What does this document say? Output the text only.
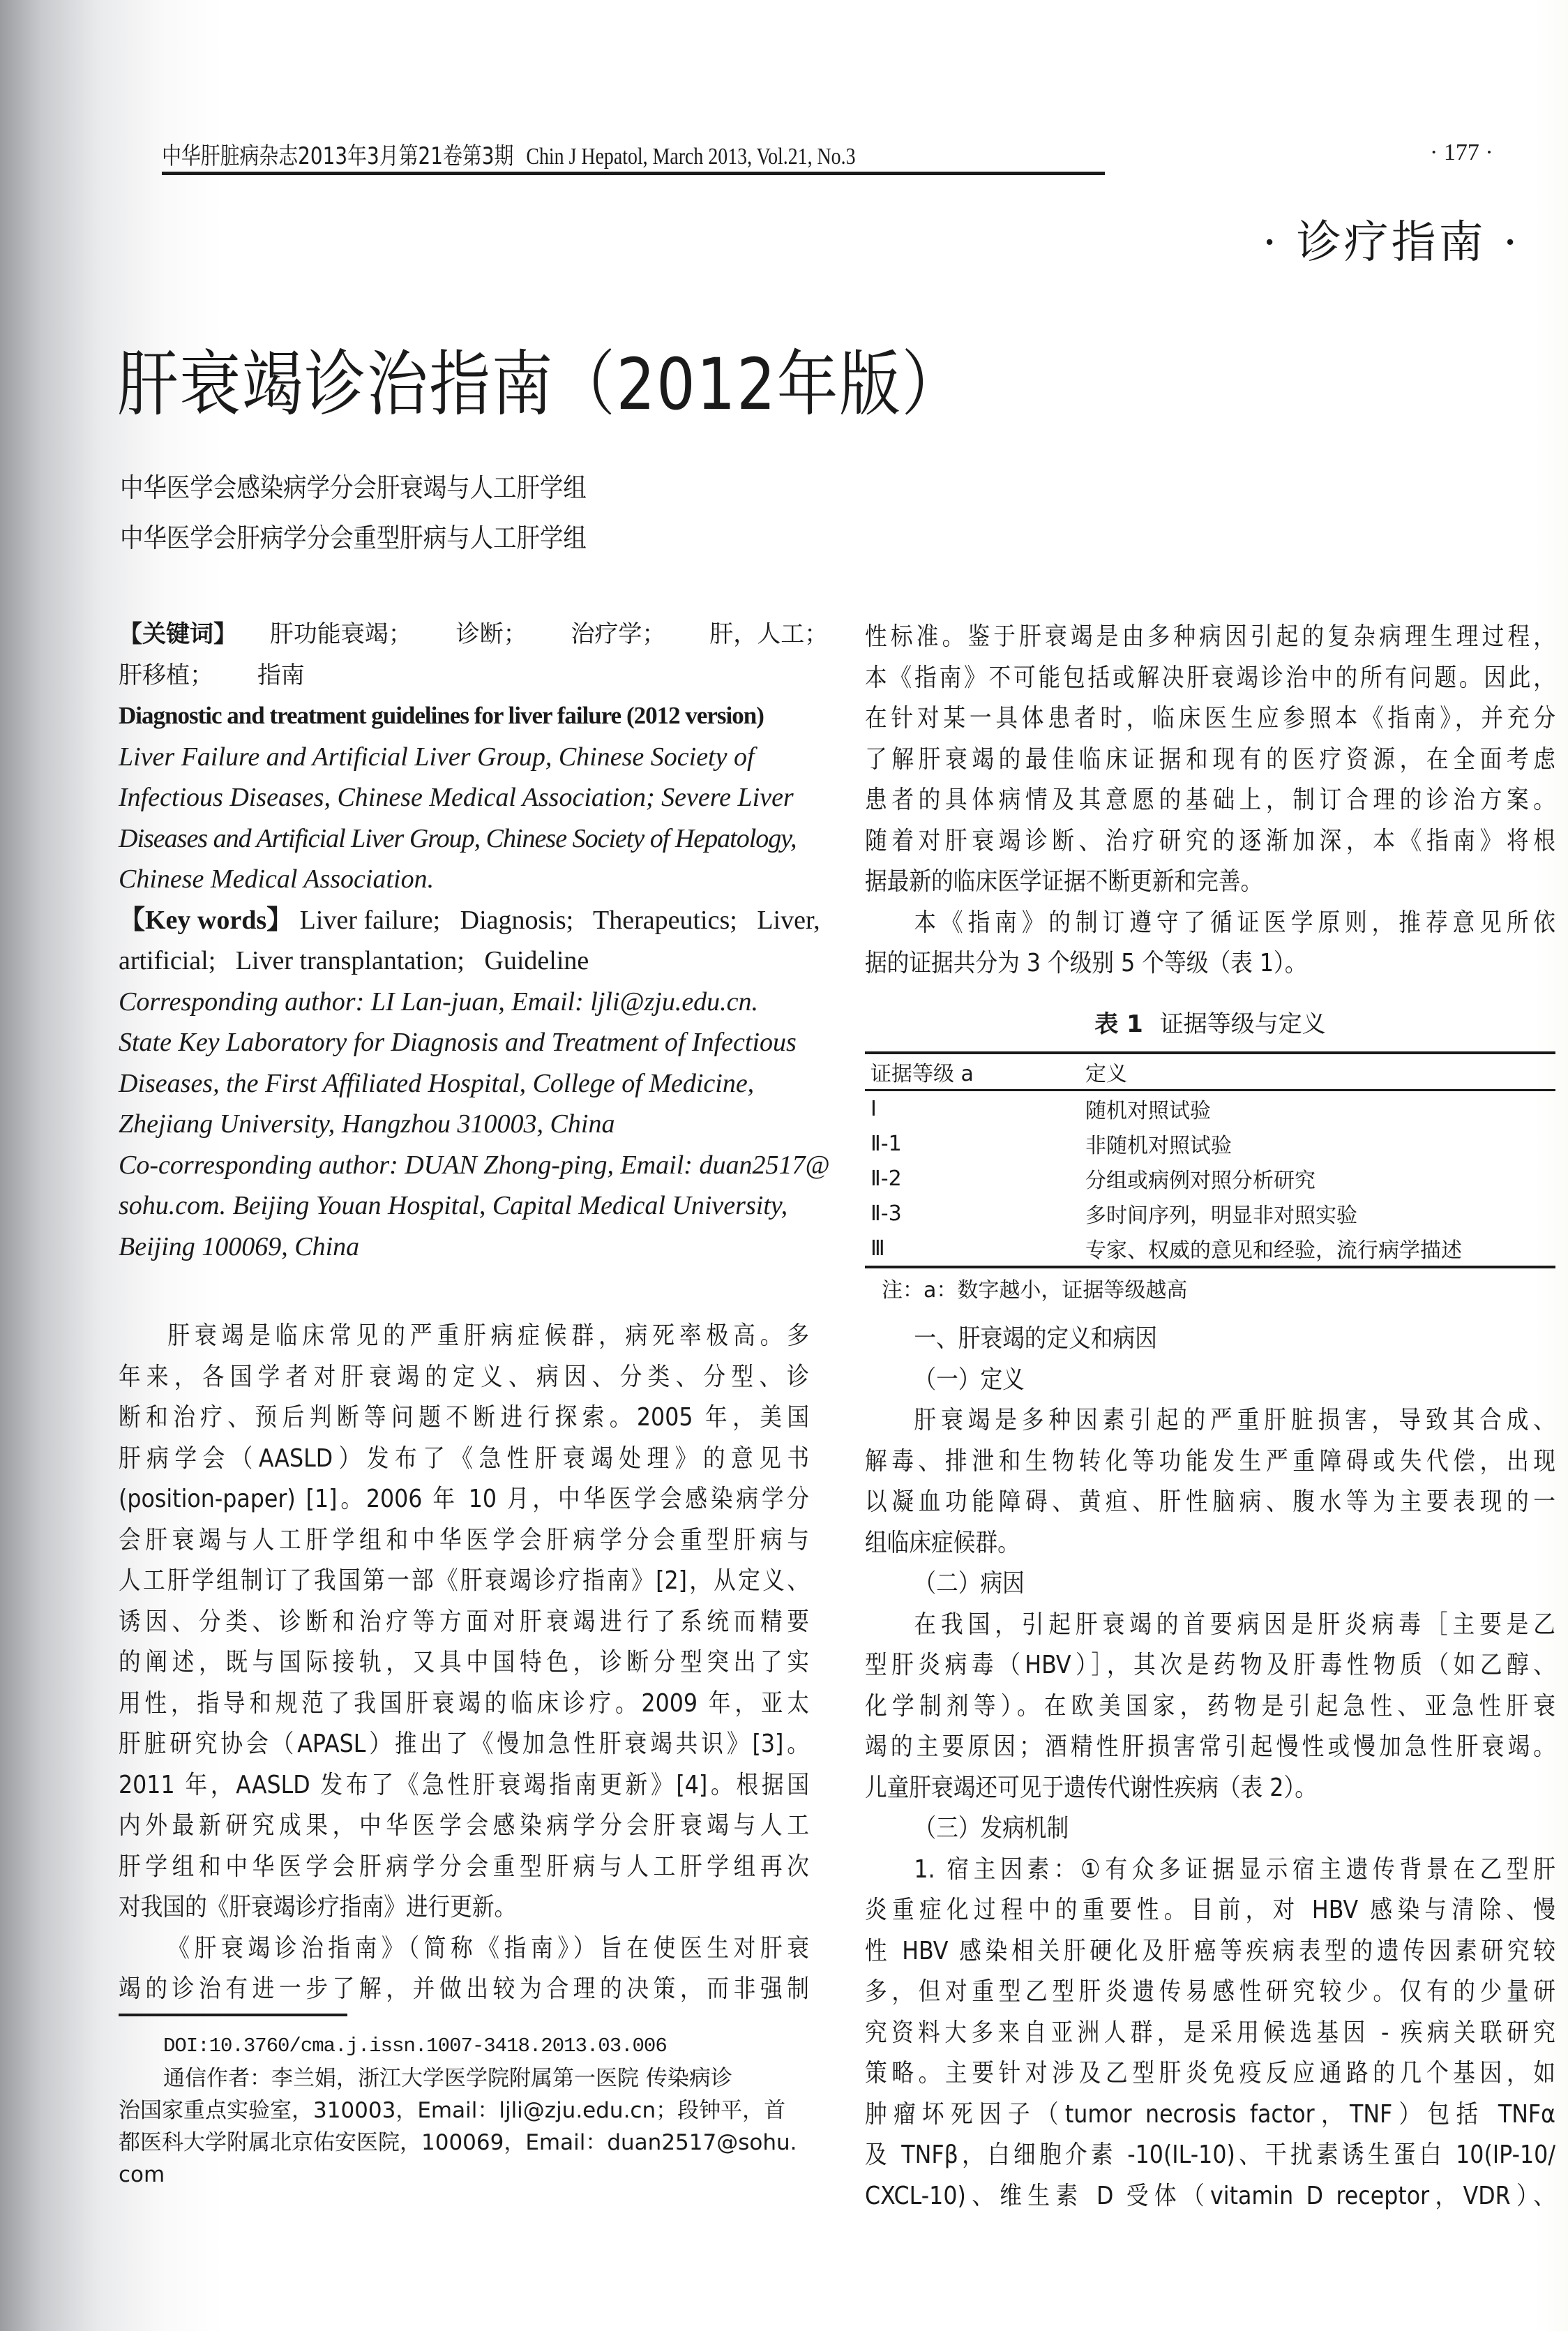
中华肝脏病杂志2013年3月第21卷第3期 Chin J Hepatol, March 2013, Vol.21, No.3	· 177 ·
· 诊疗指南 ·
肝衰竭诊治指南（2012年版）
中华医学会感染病学分会肝衰竭与人工肝学组
中华医学会肝病学分会重型肝病与人工肝学组
【关键词】 肝功能衰竭； 诊断； 治疗学； 肝，人工；
肝移植； 指南
Diagnostic and treatment guidelines for liver failure (2012 version)
Liver Failure and Artificial Liver Group, Chinese Society of
Infectious Diseases, Chinese Medical Association; Severe Liver
Diseases and Artificial Liver Group, Chinese Society of Hepatology,
Chinese Medical Association.
【Key words】 Liver failure;   Diagnosis;   Therapeutics;   Liver,
artificial;   Liver transplantation;   Guideline
Corresponding author: LI Lan-juan, Email: ljli@zju.edu.cn.
State Key Laboratory for Diagnosis and Treatment of Infectious
Diseases, the First Affiliated Hospital, College of Medicine,
Zhejiang University, Hangzhou 310003, China
Co-corresponding author: DUAN Zhong-ping, Email: duan2517@
sohu.com. Beijing Youan Hospital, Capital Medical University,
Beijing 100069, China
肝衰竭是临床常见的严重肝病症候群，病死率极高。多
年来，各国学者对肝衰竭的定义、病因、分类、分型、诊
断和治疗、预后判断等问题不断进行探索。2005 年，美国
肝病学会（AASLD）发布了《急性肝衰竭处理》的意见书
(position-paper) [1]。2006 年 10 月，中华医学会感染病学分
会肝衰竭与人工肝学组和中华医学会肝病学分会重型肝病与
人工肝学组制订了我国第一部《肝衰竭诊疗指南》[2]，从定义、
诱因、分类、诊断和治疗等方面对肝衰竭进行了系统而精要
的阐述，既与国际接轨，又具中国特色，诊断分型突出了实
用性，指导和规范了我国肝衰竭的临床诊疗。2009 年，亚太
肝脏研究协会（APASL）推出了《慢加急性肝衰竭共识》[3]。
2011 年，AASLD 发布了《急性肝衰竭指南更新》[4]。根据国
内外最新研究成果，中华医学会感染病学分会肝衰竭与人工
肝学组和中华医学会肝病学分会重型肝病与人工肝学组再次
对我国的《肝衰竭诊疗指南》进行更新。
《肝衰竭诊治指南》（简称《指南》）旨在使医生对肝衰
竭的诊治有进一步了解，并做出较为合理的决策，而非强制
DOI:10.3760/cma.j.issn.1007-3418.2013.03.006
通信作者：李兰娟，浙江大学医学院附属第一医院 传染病诊
治国家重点实验室，310003，Email：ljli@zju.edu.cn；段钟平，首
都医科大学附属北京佑安医院，100069，Email：duan2517@sohu.
com
性标准。鉴于肝衰竭是由多种病因引起的复杂病理生理过程，
本《指南》不可能包括或解决肝衰竭诊治中的所有问题。因此，
在针对某一具体患者时，临床医生应参照本《指南》，并充分
了解肝衰竭的最佳临床证据和现有的医疗资源，在全面考虑
患者的具体病情及其意愿的基础上，制订合理的诊治方案。
随着对肝衰竭诊断、治疗研究的逐渐加深，本《指南》将根
据最新的临床医学证据不断更新和完善。
本《指南》的制订遵守了循证医学原则，推荐意见所依
据的证据共分为 3 个级别 5 个等级（表 1）。
表 1 证据等级与定义
证据等级 a	定义
Ⅰ	随机对照试验
Ⅱ-1	非随机对照试验
Ⅱ-2	分组或病例对照分析研究
Ⅱ-3	多时间序列，明显非对照实验
Ⅲ	专家、权威的意见和经验，流行病学描述
注：a：数字越小，证据等级越高
一、肝衰竭的定义和病因
（一）定义
肝衰竭是多种因素引起的严重肝脏损害，导致其合成、
解毒、排泄和生物转化等功能发生严重障碍或失代偿，出现
以凝血功能障碍、黄疸、肝性脑病、腹水等为主要表现的一
组临床症候群。
（二）病因
在我国，引起肝衰竭的首要病因是肝炎病毒［主要是乙
型肝炎病毒（HBV）］，其次是药物及肝毒性物质（如乙醇、
化学制剂等）。在欧美国家，药物是引起急性、亚急性肝衰
竭的主要原因；酒精性肝损害常引起慢性或慢加急性肝衰竭。
儿童肝衰竭还可见于遗传代谢性疾病（表 2）。
（三）发病机制
1. 宿主因素：①有众多证据显示宿主遗传背景在乙型肝
炎重症化过程中的重要性。目前，对 HBV 感染与清除、慢
性 HBV 感染相关肝硬化及肝癌等疾病表型的遗传因素研究较
多，但对重型乙型肝炎遗传易感性研究较少。仅有的少量研
究资料大多来自亚洲人群，是采用候选基因 - 疾病关联研究
策略。主要针对涉及乙型肝炎免疫反应通路的几个基因，如
肿瘤坏死因子（tumor necrosis factor，TNF）包括 TNFα
及 TNFβ，白细胞介素 -10(IL-10)、干扰素诱生蛋白 10(IP-10/
CXCL-10)、维生素 D 受体（vitamin D receptor，VDR）、
